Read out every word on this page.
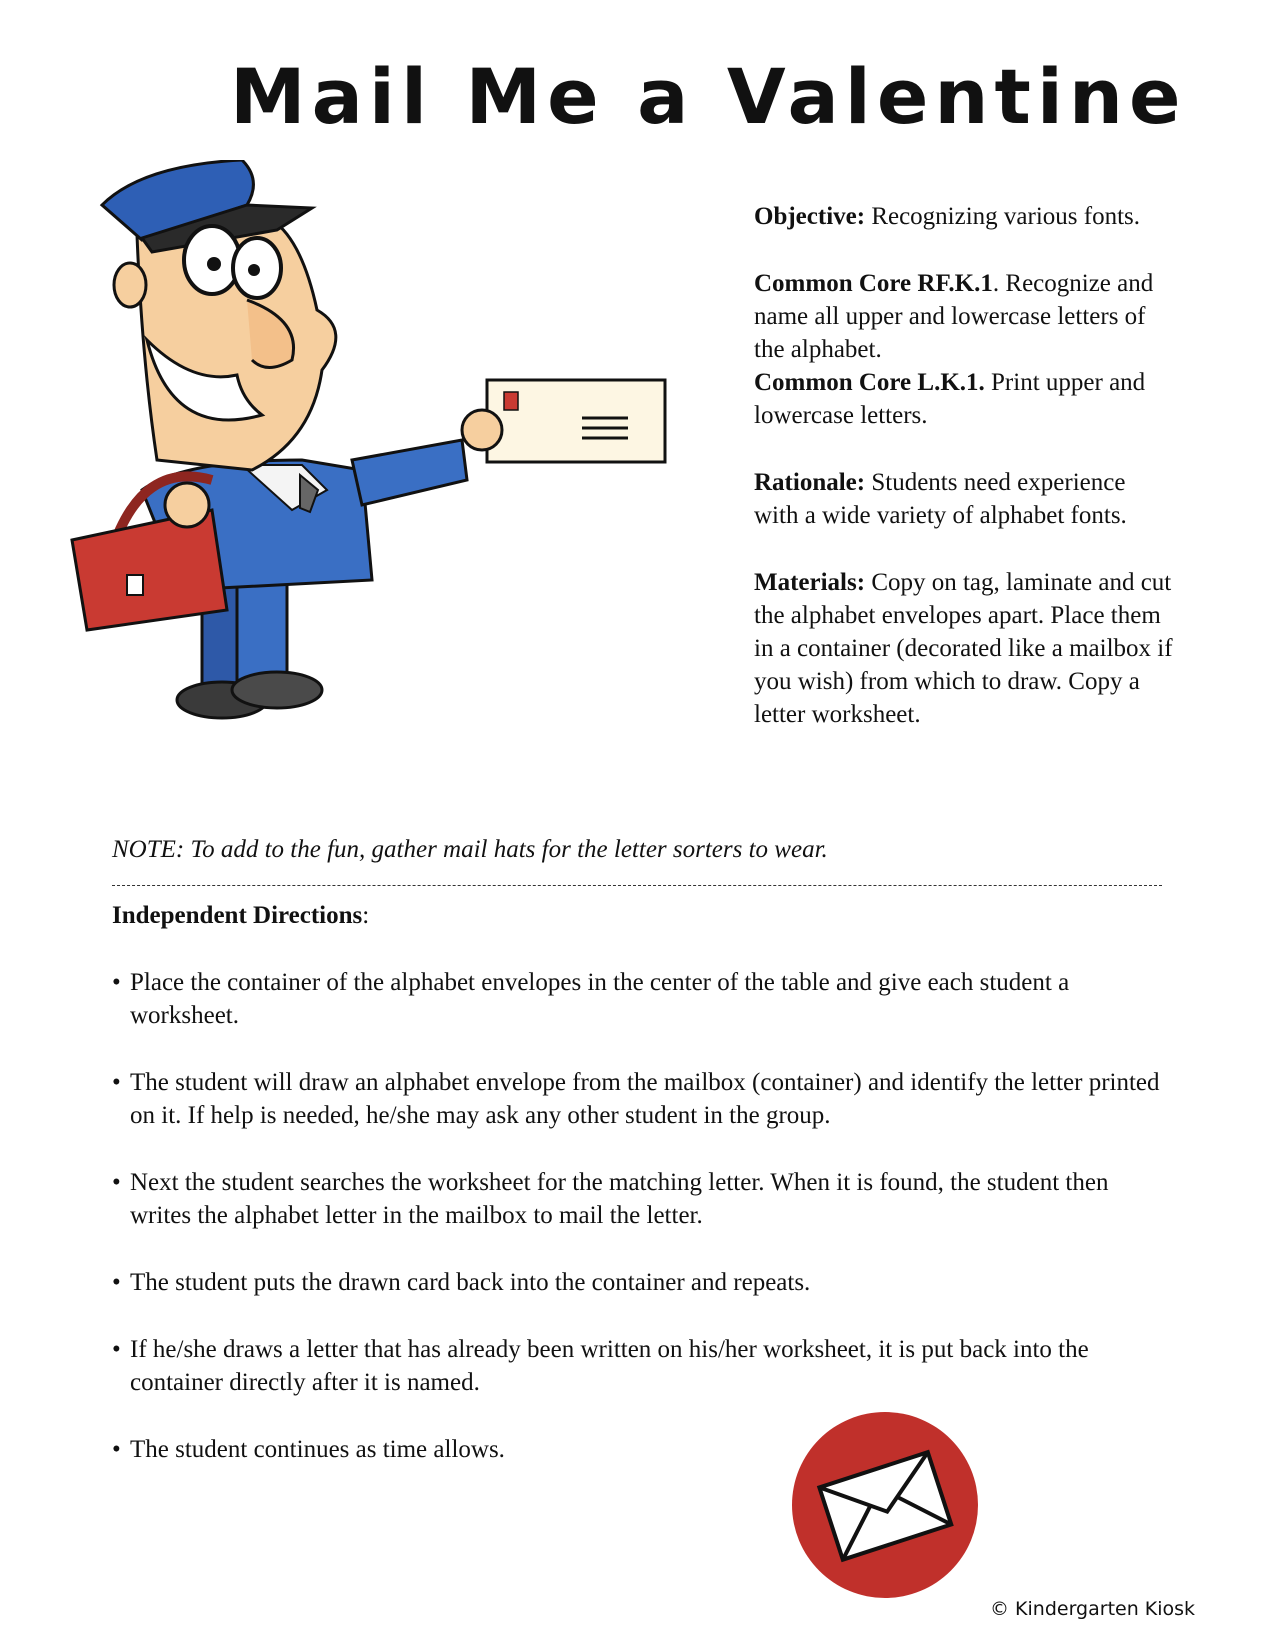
Mail Me a Valentine

Objective: Recognizing various fonts.

Common Core RF.K.1. Recognize and name all upper and lowercase letters of the alphabet.

Common Core L.K.1. Print upper and lowercase letters.

Rationale: Students need experience with a wide variety of alphabet fonts.

Materials: Copy on tag, laminate and cut the alphabet envelopes apart. Place them in a container (decorated like a mailbox if you wish) from which to draw. Copy a letter worksheet.

NOTE: To add to the fun, gather mail hats for the letter sorters to wear.
Independent Directions:

• Place the container of the alphabet envelopes in the center of the table and give each student a worksheet.

• The student will draw an alphabet envelope from the mailbox (container) and identify the letter printed on it. If help is needed, he/she may ask any other student in the group.

• Next the student searches the worksheet for the matching letter. When it is found, the student then writes the alphabet letter in the mailbox to mail the letter.

• The student puts the drawn card back into the container and repeats.

• If he/she draws a letter that has already been written on his/her worksheet, it is put back into the container directly after it is named.

• The student continues as time allows.

© Kindergarten Kiosk
